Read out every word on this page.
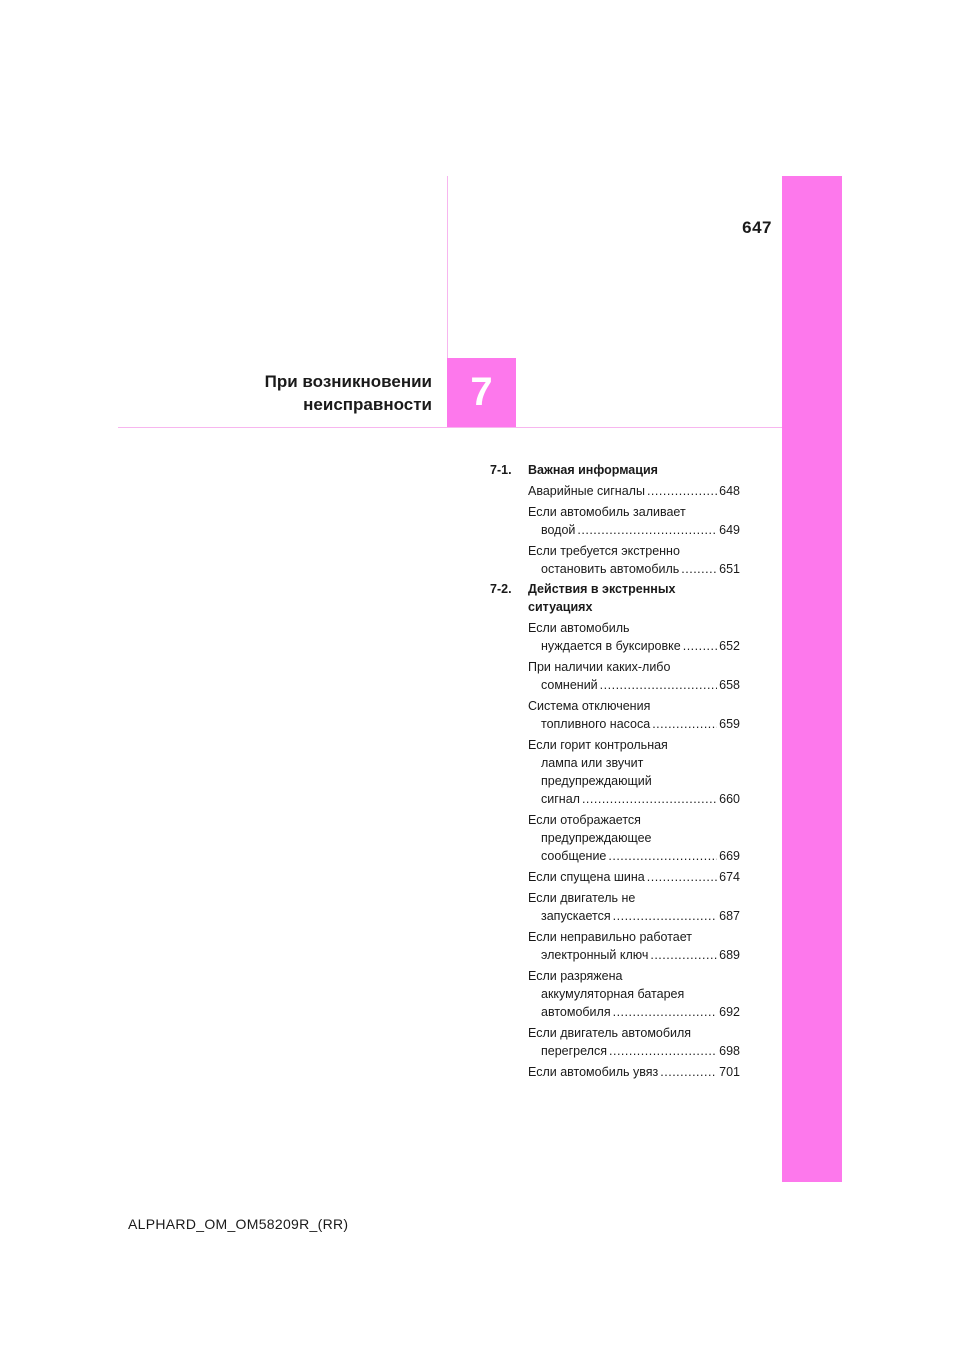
647
7
При возникновении
неисправности
7-1.	Важная информация
Аварийные сигналы .....	648
Если автомобиль заливает
водой .....	649
Если требуется экстренно
остановить автомобиль .....	651
7-2.	Действия в экстренных
ситуациях
Если автомобиль
нуждается в буксировке .....	652
При наличии каких-либо
сомнений .....	658
Система отключения
топливного насоса .....	659
Если горит контрольная
лампа или звучит
предупреждающий
сигнал .....	660
Если отображается
предупреждающее
сообщение .....	669
Если спущена шина .....	674
Если двигатель не
запускается .....	687
Если неправильно работает
электронный ключ .....	689
Если разряжена
аккумуляторная батарея
автомобиля .....	692
Если двигатель автомобиля
перегрелся .....	698
Если автомобиль увяз .....	701
ALPHARD_OM_OM58209R_(RR)
